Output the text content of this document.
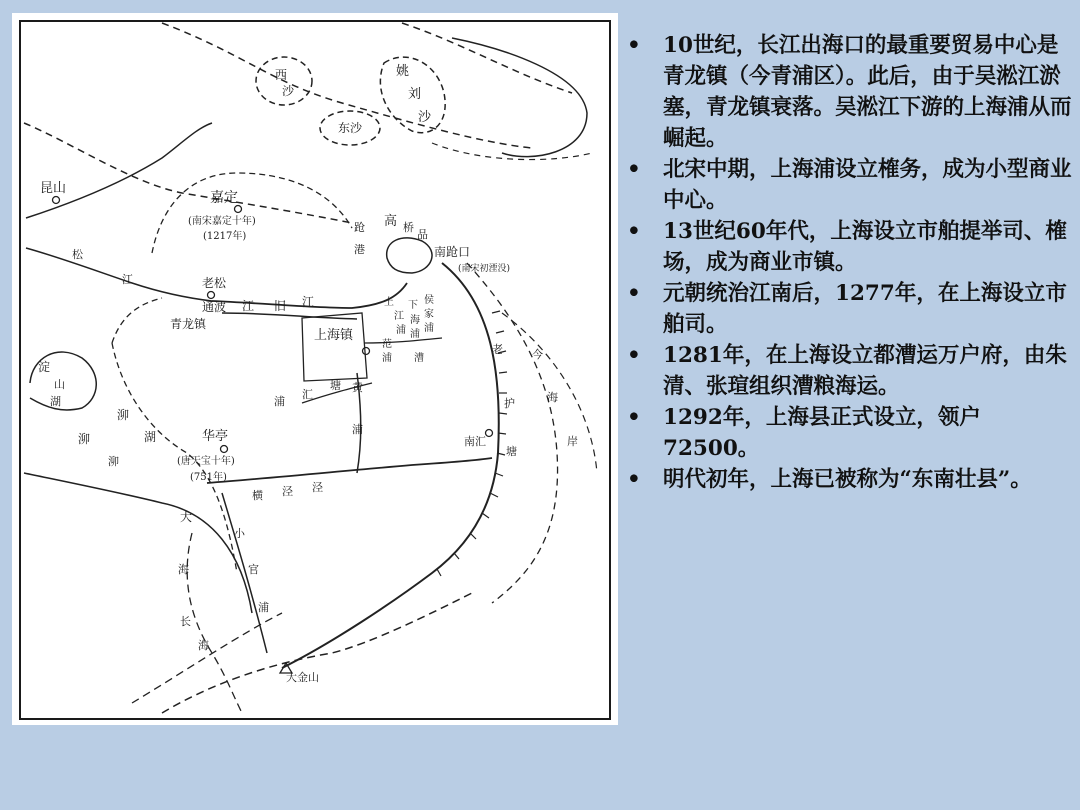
西
沙
姚
刘
沙
东沙
昆山
嘉定
(南宋嘉定十年)
(1217年)
高 桥
品
南跄口
(南宋初湮没)
松
江	老松
通波 江 旧 江
青龙镇
上海镇
跄
港
上
江
浦
下
海
浦
侯
家
浦
范
浦 漕
黄
浦
浦
汇
塘
淀
山
湖
泖
湖
泖
泖
华亭
(唐天宝十年)
(751年)
横 泾 泾
南汇
老
护
塘
今
海
岸
小
官
浦
大
海
长
海
大金山
• 10世纪，长江出海口的最重要贸易中心是青龙镇（今青浦区）。此后，由于吴淞江淤塞，青龙镇衰落。吴淞江下游的上海浦从而崛起。
• 北宋中期，上海浦设立榷务，成为小型商业中心。
• 13世纪60年代，上海设立市舶提举司、榷场，成为商业市镇。
• 元朝统治江南后，1277年，在上海设立市舶司。
• 1281年，在上海设立都漕运万户府，由朱清、张瑄组织漕粮海运。
• 1292年，上海县正式设立，领户72500。
• 明代初年，上海已被称为“东南壮县”。
